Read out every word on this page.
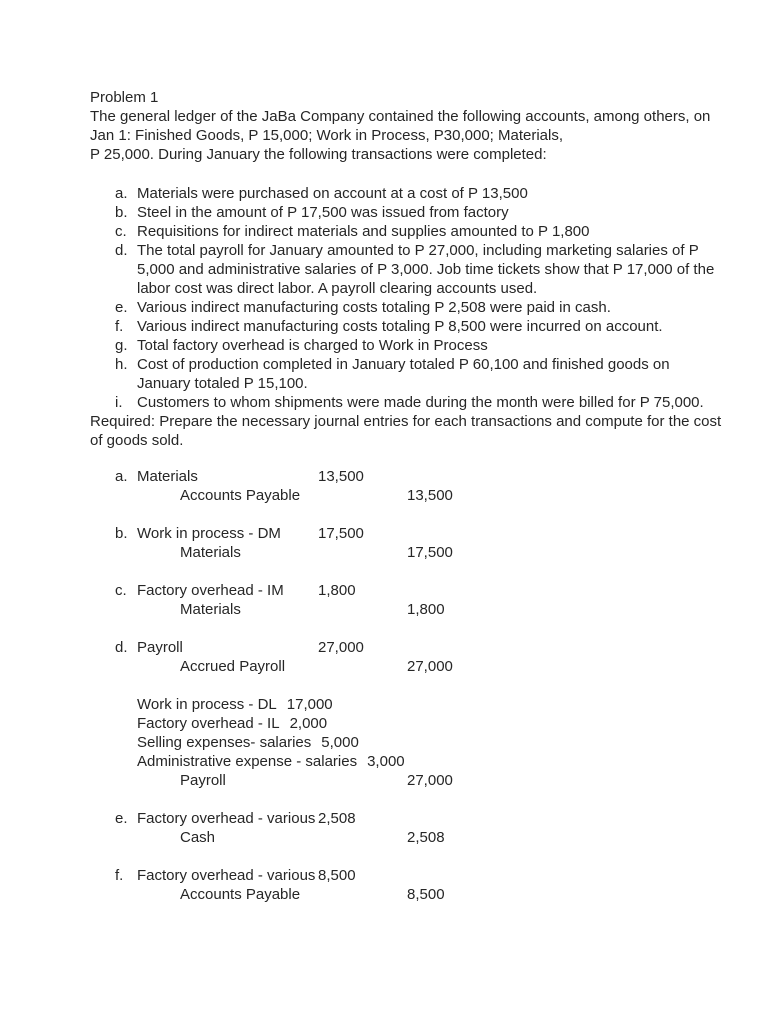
Problem 1
The general ledger of the JaBa Company contained the following accounts, among others, on
Jan 1: Finished Goods, P 15,000; Work in Process, P30,000; Materials,
P 25,000. During January the following transactions were completed:
a. Materials were purchased on account at a cost of P 13,500
b. Steel in the amount of P 17,500 was issued from factory
c. Requisitions for indirect materials and supplies amounted to P 1,800
d. The total payroll for January amounted to P 27,000, including marketing salaries of P
5,000 and administrative salaries of P 3,000. Job time tickets show that P 17,000 of the
labor cost was direct labor. A payroll clearing accounts used.
e. Various indirect manufacturing costs totaling P 2,508 were paid in cash.
f. Various indirect manufacturing costs totaling P 8,500 were incurred on account.
g. Total factory overhead is charged to Work in Process
h. Cost of production completed in January totaled P 60,100 and finished goods on
January totaled P 15,100.
i. Customers to whom shipments were made during the month were billed for P 75,000.
Required: Prepare the necessary journal entries for each transactions and compute for the cost
of goods sold.
a. Materials	13,500
Accounts Payable	13,500
b. Work in process - DM 17,500
Materials	17,500
c. Factory overhead - IM 1,800
Materials	1,800
d. Payroll	27,000
Accrued Payroll	27,000
Work in process - DL 17,000
Factory overhead - IL 2,000
Selling expenses- salaries 5,000
Administrative expense - salaries 3,000
Payroll	27,000
e. Factory overhead - various 2,508
Cash	2,508
f. Factory overhead - various 8,500
Accounts Payable	8,500
